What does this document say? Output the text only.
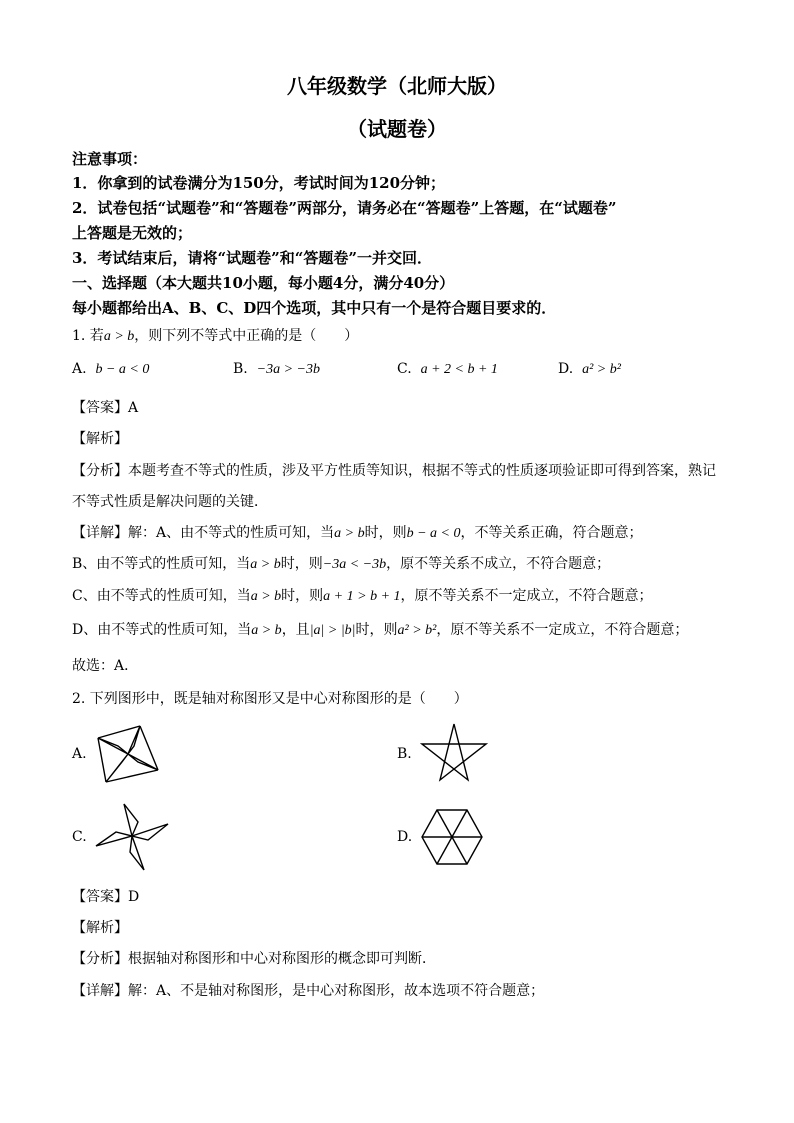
八年级数学（北师大版）
（试题卷）
注意事项：
1．你拿到的试卷满分为150分，考试时间为120分钟；
2．试卷包括“试题卷”和“答题卷”两部分，请务必在“答题卷”上答题，在“试题卷”
上答题是无效的；
3．考试结束后，请将“试题卷”和“答题卷”一并交回．
一、选择题（本大题共10小题，每小题4分，满分40分）
每小题都给出A、B、C、D四个选项，其中只有一个是符合题目要求的．
1. 若a > b，则下列不等式中正确的是（　　）
A. b − a < 0	B. −3a > −3b	C. a + 2 < b + 1	D. a² > b²
【答案】A
【解析】
【分析】本题考查不等式的性质，涉及平方性质等知识，根据不等式的性质逐项验证即可得到答案，熟记
不等式性质是解决问题的关键．
【详解】解：A、由不等式的性质可知，当a > b时，则b − a < 0，不等关系正确，符合题意；
B、由不等式的性质可知，当a > b时，则−3a < −3b，原不等关系不成立，不符合题意；
C、由不等式的性质可知，当a > b时，则a + 1 > b + 1，原不等关系不一定成立，不符合题意；
D、由不等式的性质可知，当a > b，且|a| > |b|时，则a² > b²，原不等关系不一定成立，不符合题意；
故选：A．
2. 下列图形中，既是轴对称图形又是中心对称图形的是（　　）
A.	B.
C.	D.
【答案】D
【解析】
【分析】根据轴对称图形和中心对称图形的概念即可判断．
【详解】解：A、不是轴对称图形，是中心对称图形，故本选项不符合题意；
